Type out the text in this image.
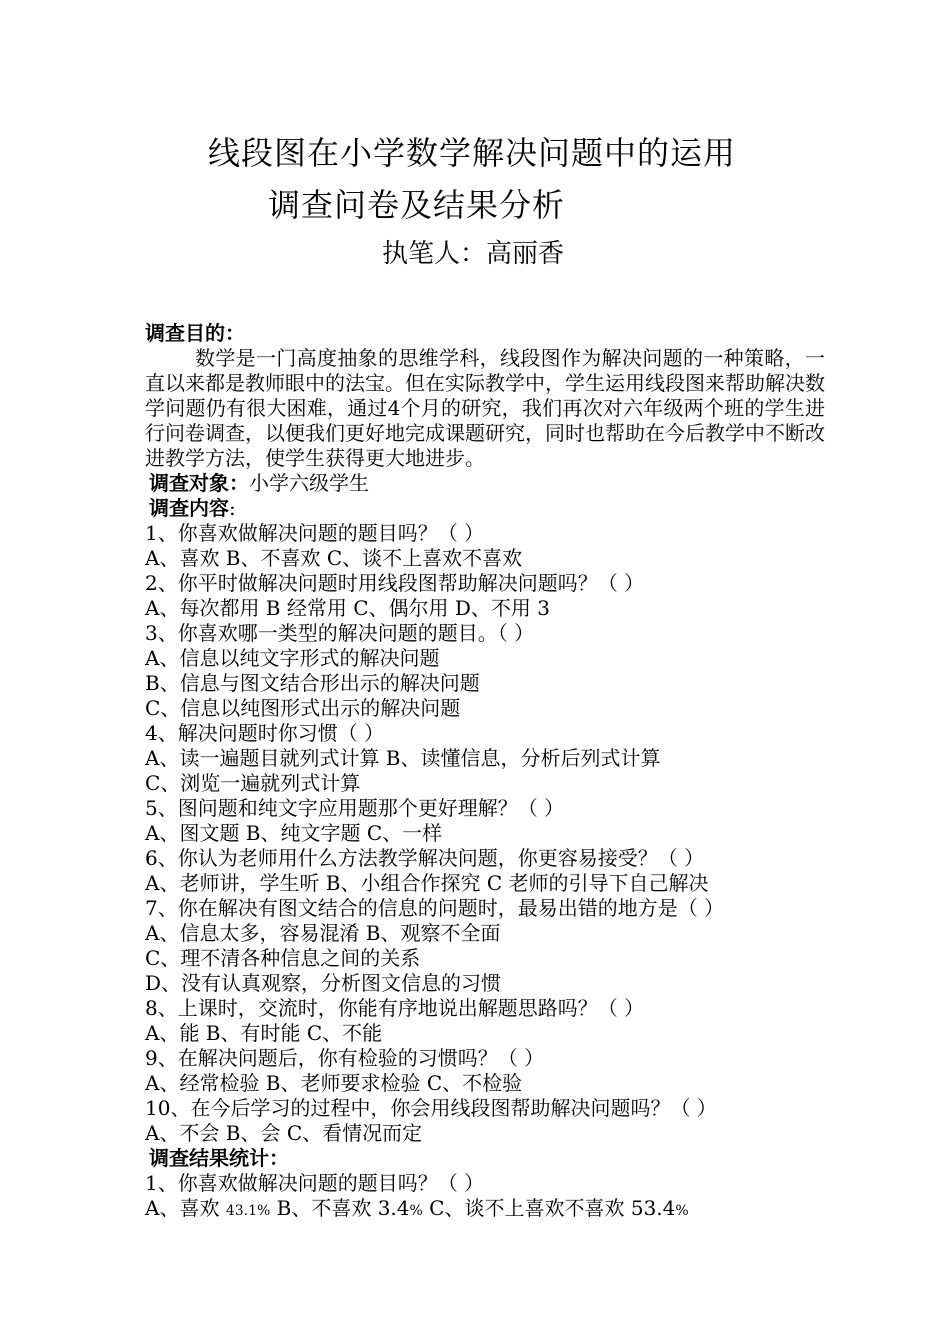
线段图在小学数学解决问题中的运用
调查问卷及结果分析
执笔人：高丽香
调查目的：
数学是一门高度抽象的思维学科，线段图作为解决问题的一种策略，一直以来都是教师眼中的法宝。但在实际教学中，学生运用线段图来帮助解决数学问题仍有很大困难，通过4个月的研究，我们再次对六年级两个班的学生进行问卷调查，以便我们更好地完成课题研究，同时也帮助在今后教学中不断改进教学方法，使学生获得更大地进步。
调查对象：小学六级学生
调查内容:
1、你喜欢做解决问题的题目吗？（ ）
A、喜欢 B、不喜欢 C、谈不上喜欢不喜欢
2、你平时做解决问题时用线段图帮助解决问题吗？（ ）
A、每次都用 B 经常用 C、偶尔用 D、不用 3
3、你喜欢哪一类型的解决问题的题目。（ ）
A、信息以纯文字形式的解决问题
B、信息与图文结合形出示的解决问题
C、信息以纯图形式出示的解决问题
4、解决问题时你习惯（ ）
A、读一遍题目就列式计算 B、读懂信息，分析后列式计算
C、浏览一遍就列式计算
5、图问题和纯文字应用题那个更好理解？（ ）
A、图文题 B、纯文字题 C、一样
6、你认为老师用什么方法教学解决问题，你更容易接受？（ ）
A、老师讲，学生听 B、小组合作探究 C 老师的引导下自己解决
7、你在解决有图文结合的信息的问题时，最易出错的地方是（ ）
A、信息太多，容易混淆 B、观察不全面
C、理不清各种信息之间的关系
D、没有认真观察，分析图文信息的习惯
8、上课时，交流时，你能有序地说出解题思路吗？（ ）
A、能 B、有时能 C、不能
9、在解决问题后，你有检验的习惯吗？（ ）
A、经常检验 B、老师要求检验 C、不检验
10、在今后学习的过程中，你会用线段图帮助解决问题吗？（ ）
A、不会 B、会 C、看情况而定
调查结果统计：
1、你喜欢做解决问题的题目吗？（ ）
A、喜欢 43.1% B、不喜欢 3.4% C、谈不上喜欢不喜欢 53.4%
